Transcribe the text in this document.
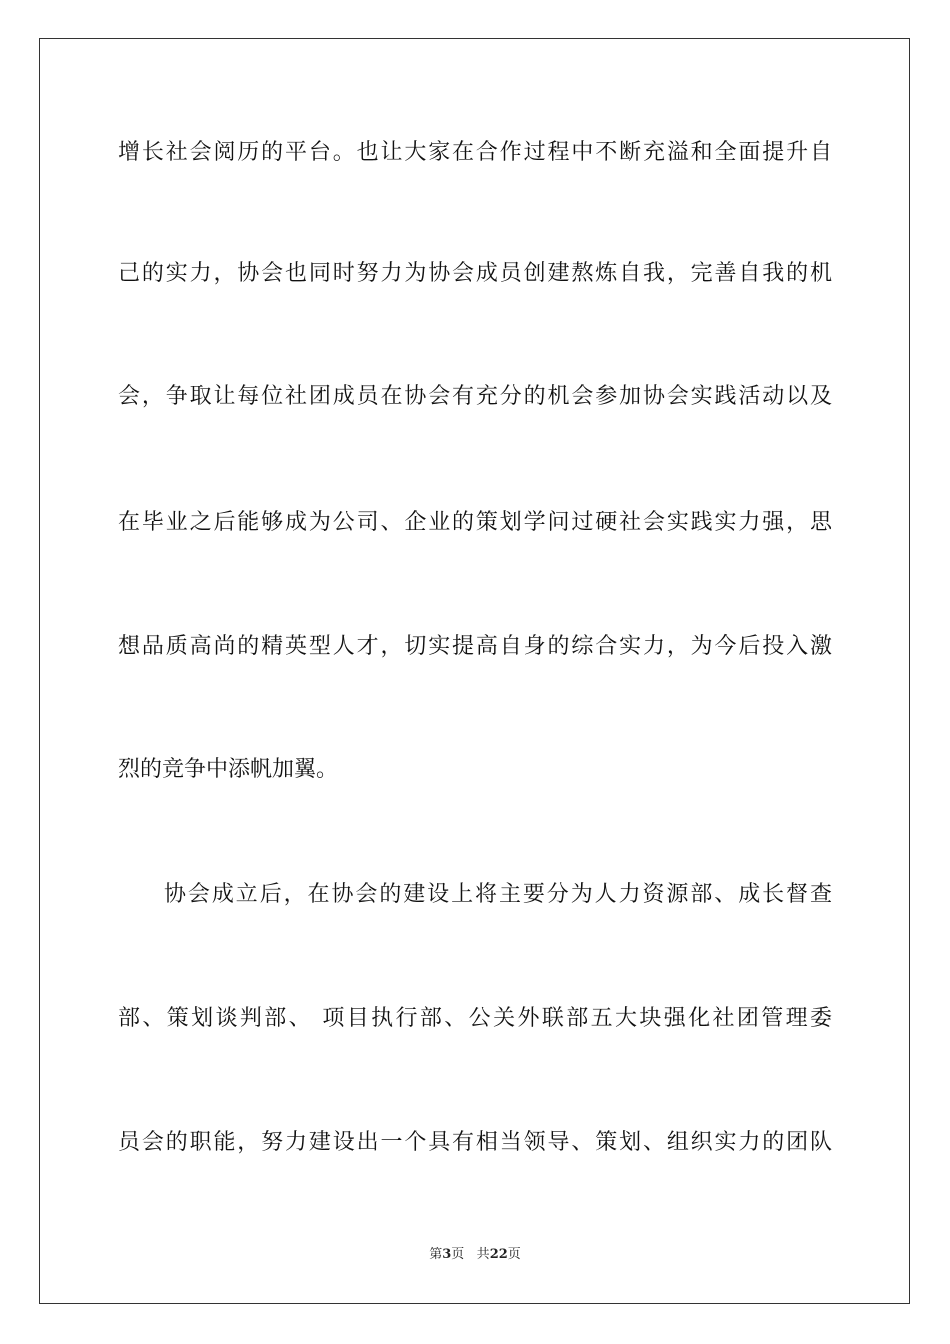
增长社会阅历的平台。也让大家在合作过程中不断充溢和全面提升自
己的实力，协会也同时努力为协会成员创建熬炼自我，完善自我的机
会，争取让每位社团成员在协会有充分的机会参加协会实践活动以及
在毕业之后能够成为公司、企业的策划学问过硬社会实践实力强，思
想品质高尚的精英型人才，切实提高自身的综合实力，为今后投入激
烈的竞争中添帆加翼。
协会成立后，在协会的建设上将主要分为人力资源部、成长督查
部、策划谈判部、 项目执行部、公关外联部五大块强化社团管理委
员会的职能，努力建设出一个具有相当领导、策划、组织实力的团队
第3页 共22页
